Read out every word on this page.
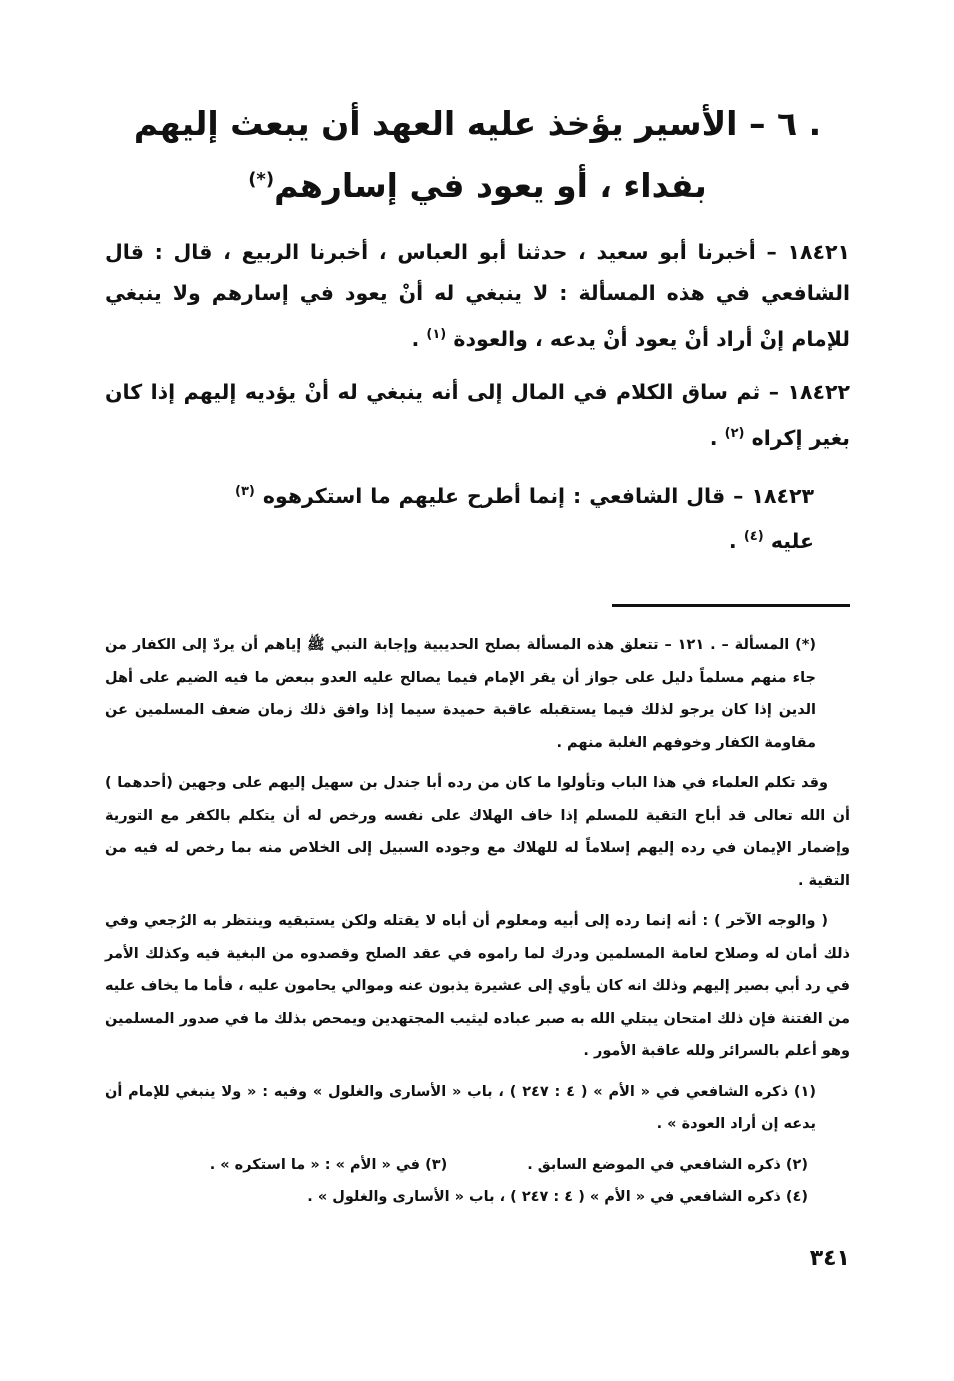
. ٦ – الأسير يؤخذ عليه العهد أن يبعث إليهم
بفداء ، أو يعود في إسارهم(*)

١٨٤٢١ – أخبرنا أبو سعيد ، حدثنا أبو العباس ، أخبرنا الربيع ، قال : قال الشافعي في هذه المسألة : لا ينبغي له أنْ يعود في إسارهم ولا ينبغي للإمام إنْ أراد أنْ يعود أنْ يدعه ، والعودة $^{(١)}$ .

١٨٤٢٢ – ثم ساق الكلام في المال إلى أنه ينبغي له أنْ يؤديه إليهم إذا كان بغير إكراه $^{(٢)}$ .

١٨٤٢٣ – قال الشافعي : إنما أطرح عليهم ما استكرهوه $^{(٣)}$ عليه $^{(٤)}$ .

(*) المسألة – . ١٢١ – تتعلق هذه المسألة بصلح الحديبية وإجابة النبي ﷺ إياهم أن يردّ إلى الكفار من جاء منهم مسلماً دليل على جواز أن يقر الإمام فيما يصالح عليه العدو ببعض ما فيه الضيم على أهل الدين إذا كان يرجو لذلك فيما يستقبله عاقبة حميدة سيما إذا وافق ذلك زمان ضعف المسلمين عن مقاومة الكفار وخوفهم الغلبة منهم .

وقد تكلم العلماء في هذا الباب وتأولوا ما كان من رده أبا جندل بن سهيل إليهم على وجهين (أحدهما ) أن الله تعالى قد أباح التقية للمسلم إذا خاف الهلاك على نفسه ورخص له أن يتكلم بالكفر مع التورية وإضمار الإيمان في رده إليهم إسلاماً له للهلاك مع وجوده السبيل إلى الخلاص منه بما رخص له فيه من التقية .

( والوجه الآخر ) : أنه إنما رده إلى أبيه ومعلوم أن أباه لا يقتله ولكن يستبقيه وينتظر به الرُجعي وفي ذلك أمان له وصلاح لعامة المسلمين ودرك لما راموه في عقد الصلح وقصدوه من البغية فيه وكذلك الأمر في رد أبي بصير إليهم وذلك انه كان يأوي إلى عشيرة يذبون عنه وموالي يحامون عليه ، فأما ما يخاف عليه من الفتنة فإن ذلك امتحان يبتلي الله به صبر عباده ليثيب المجتهدين ويمحص بذلك ما في صدور المسلمين وهو أعلم بالسرائر ولله عاقبة الأمور .

(١) ذكره الشافعي في « الأم » ( ٤ : ٢٤٧ ) ، باب « الأسارى والغلول » وفيه : « ولا ينبغي للإمام أن يدعه إن أراد العودة » .

(٢) ذكره الشافعي في الموضع السابق .(٣) في « الأم » : « ما استكره » .

(٤) ذكره الشافعي في « الأم » ( ٤ : ٢٤٧ ) ، باب « الأسارى والغلول » .

٣٤١
